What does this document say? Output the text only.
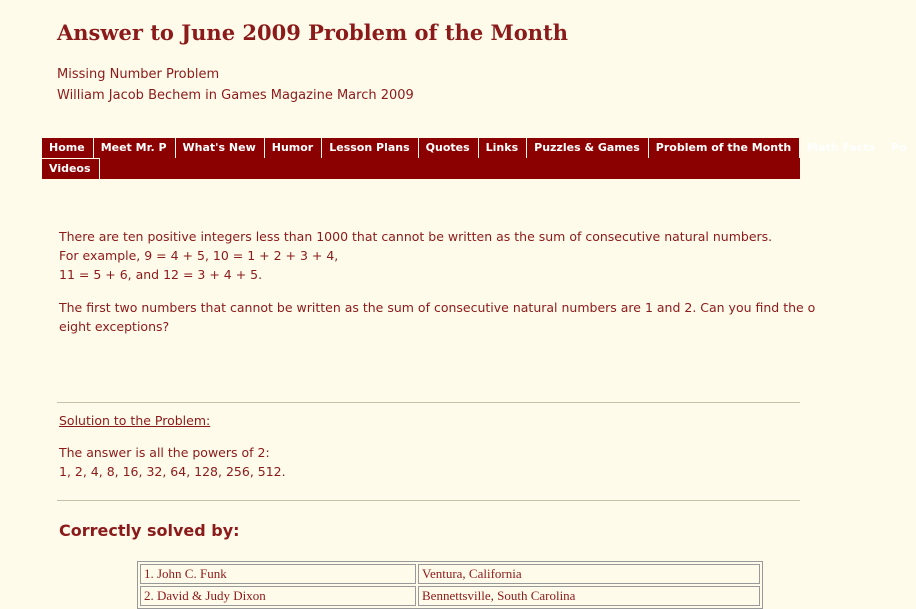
Answer to June 2009 Problem of the Month
Missing Number Problem
William Jacob Bechem in Games Magazine March 2009
Home	Meet Mr. P	What's New	Humor	Lesson Plans	Quotes	Links	Puzzles & Games	Problem of the Month	Math Facts	Po
Videos
There are ten positive integers less than 1000 that cannot be written as the sum of consecutive natural numbers.
For example, 9 = 4 + 5, 10 = 1 + 2 + 3 + 4,
11 = 5 + 6, and 12 = 3 + 4 + 5.
The first two numbers that cannot be written as the sum of consecutive natural numbers are 1 and 2. Can you find the o
eight exceptions?
Solution to the Problem:
The answer is all the powers of 2:
1, 2, 4, 8, 16, 32, 64, 128, 256, 512.
Correctly solved by:
1. John C. Funk	Ventura, California
2. David & Judy Dixon	Bennettsville, South Carolina
